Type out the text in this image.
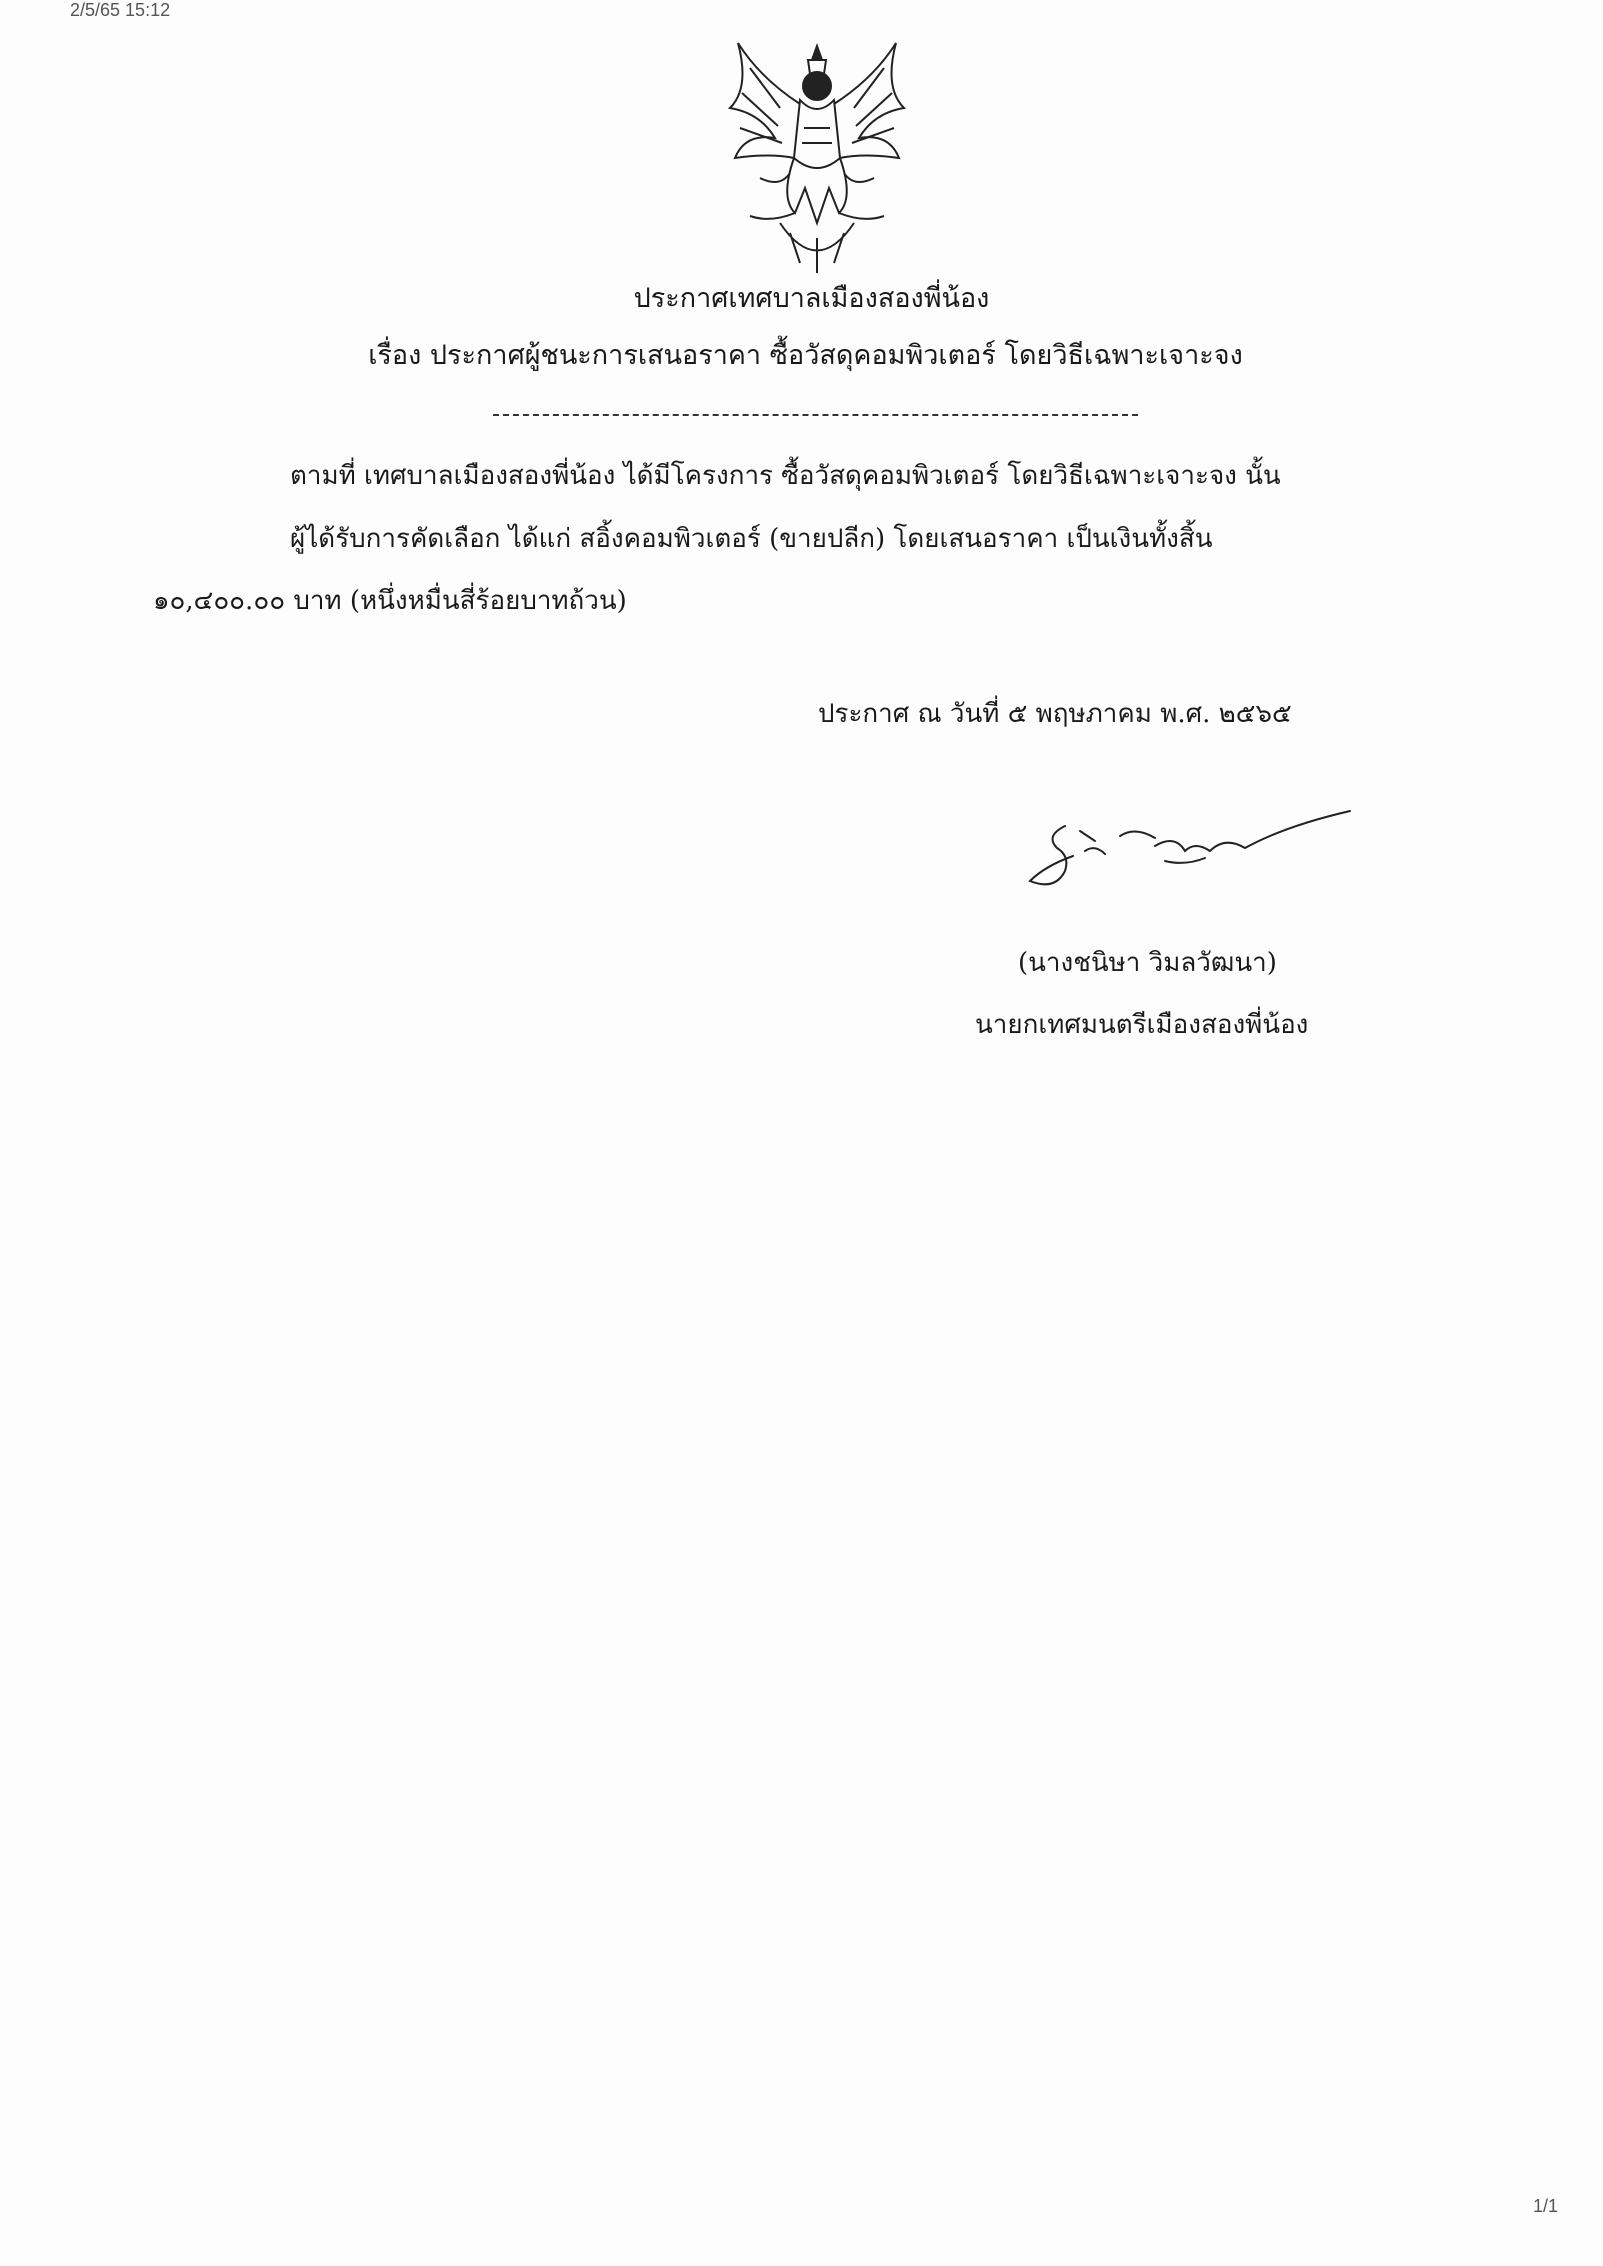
2/5/65 15:12
ประกาศเทศบาลเมืองสองพี่น้อง
เรื่อง ประกาศผู้ชนะการเสนอราคา ซื้อวัสดุคอมพิวเตอร์ โดยวิธีเฉพาะเจาะจง
ตามที่ เทศบาลเมืองสองพี่น้อง ได้มีโครงการ ซื้อวัสดุคอมพิวเตอร์ โดยวิธีเฉพาะเจาะจง นั้น
ผู้ได้รับการคัดเลือก ได้แก่ สอิ้งคอมพิวเตอร์ (ขายปลีก) โดยเสนอราคา เป็นเงินทั้งสิ้น
๑๐,๔๐๐.๐๐ บาท (หนึ่งหมื่นสี่ร้อยบาทถ้วน)
ประกาศ ณ วันที่ ๕ พฤษภาคม พ.ศ. ๒๕๖๕
(นางชนิษา วิมลวัฒนา)
นายกเทศมนตรีเมืองสองพี่น้อง
1/1
